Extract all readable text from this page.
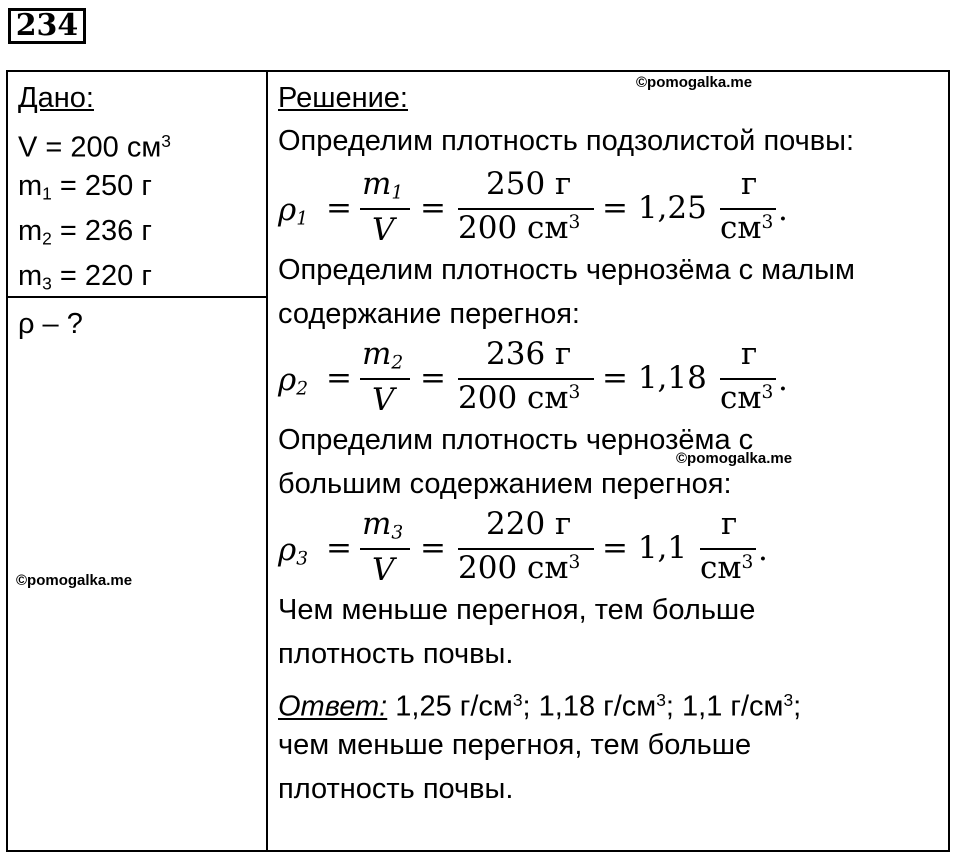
234
Дано:
V = 200 $см^3$
$m_1 = 250$ г
$m_2 = 236$ г
$m_3 = 220$ г
ρ – ?
Решение:
Определим плотность подзолистой почвы:
Определим плотность чернозёма с малым
содержание перегноя:
Определим плотность чернозёма с
большим содержанием перегноя:
Чем меньше перегноя, тем больше
плотность почвы.
Ответ: 1,25 $г/см^3$; 1,18 $г/см^3$; 1,1 $г/см^3$;
чем меньше перегноя, тем больше
плотность почвы.
$\rho_1$ =
$m_1$
V
=
250 г
200 $см^3 = 1,25$
г
$см^3$ .
$\rho_2$ =
$m_2$
V
=
236 г
200 $см^3 = 1,18$
г
$см^3$ .
$\rho_3$ =
$m_3$
V
=
220 г
200 $см^3 = 1,1$
г
$см^3$ .
©pomogalka.me
©pomogalka.me
©pomogalka.me
